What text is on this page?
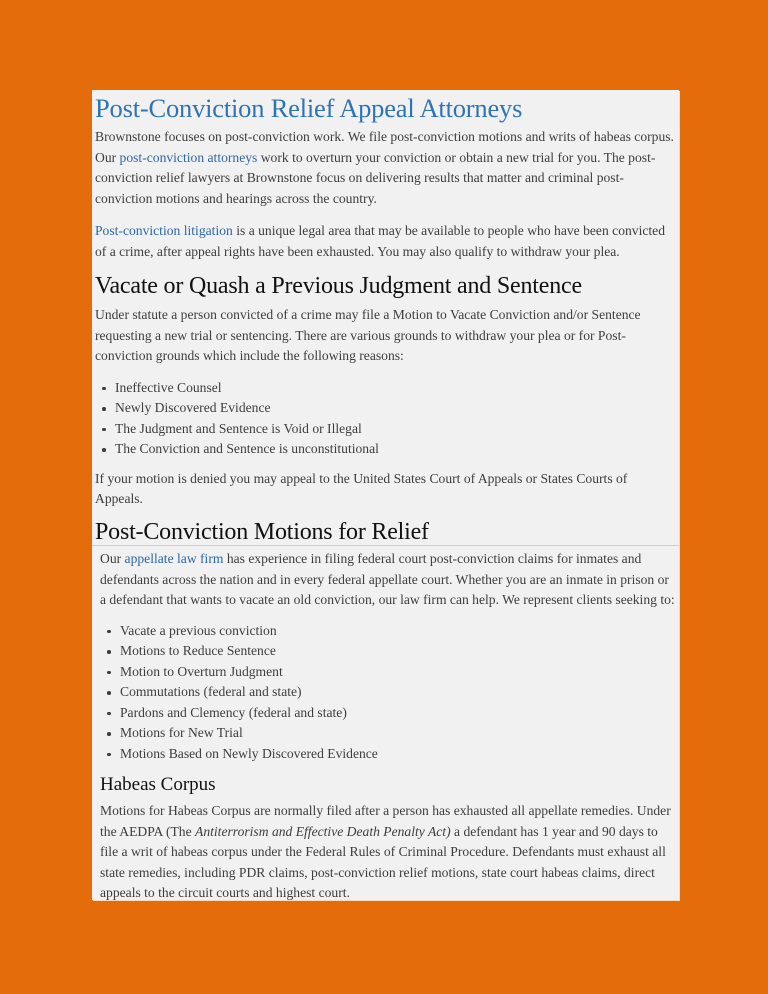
Post-Conviction Relief Appeal Attorneys

Brownstone focuses on post-conviction work. We file post-conviction motions and writs of habeas corpus. Our post-conviction attorneys work to overturn your conviction or obtain a new trial for you. The post-conviction relief lawyers at Brownstone focus on delivering results that matter and criminal post-conviction motions and hearings across the country.

Post-conviction litigation is a unique legal area that may be available to people who have been convicted of a crime, after appeal rights have been exhausted. You may also qualify to withdraw your plea.

Vacate or Quash a Previous Judgment and Sentence

Under statute a person convicted of a crime may file a Motion to Vacate Conviction and/or Sentence requesting a new trial or sentencing. There are various grounds to withdraw your plea or for Post-conviction grounds which include the following reasons:

Ineffective Counsel
Newly Discovered Evidence
The Judgment and Sentence is Void or Illegal
The Conviction and Sentence is unconstitutional

If your motion is denied you may appeal to the United States Court of Appeals or States Courts of Appeals.

Post-Conviction Motions for Relief

Our appellate law firm has experience in filing federal court post-conviction claims for inmates and defendants across the nation and in every federal appellate court. Whether you are an inmate in prison or a defendant that wants to vacate an old conviction, our law firm can help. We represent clients seeking to:

Vacate a previous conviction
Motions to Reduce Sentence
Motion to Overturn Judgment
Commutations (federal and state)
Pardons and Clemency (federal and state)
Motions for New Trial
Motions Based on Newly Discovered Evidence
Habeas Corpus

Motions for Habeas Corpus are normally filed after a person has exhausted all appellate remedies. Under the AEDPA (The Antiterrorism and Effective Death Penalty Act) a defendant has 1 year and 90 days to file a writ of habeas corpus under the Federal Rules of Criminal Procedure. Defendants must exhaust all state remedies, including PDR claims, post-conviction relief motions, state court habeas claims, direct appeals to the circuit courts and highest court.
